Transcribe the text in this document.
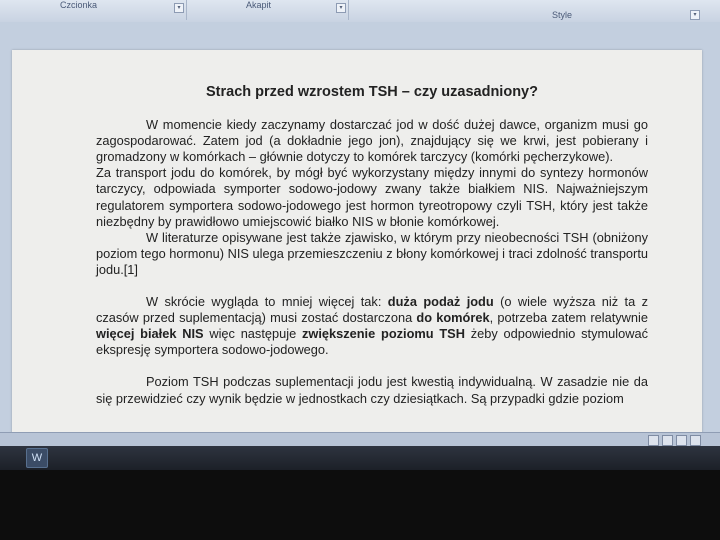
Czcionka	▾	Akapit	▾
Style	▾
Strach przed wzrostem TSH – czy uzasadniony?

W momencie kiedy zaczynamy dostarczać jod w dość dużej dawce, organizm musi go zagospodarować. Zatem jod (a dokładnie jego jon), znajdujący się we krwi, jest pobierany i gromadzony w komórkach – głównie dotyczy to komórek tarczycy (komórki pęcherzykowe).

Za transport jodu do komórek, by mógł być wykorzystany między innymi do syntezy hormonów tarczycy, odpowiada symporter sodowo-jodowy zwany także białkiem NIS. Najważniejszym regulatorem symportera sodowo-jodowego jest hormon tyreotropowy czyli TSH, który jest także niezbędny by prawidłowo umiejscowić białko NIS w błonie komórkowej.

W literaturze opisywane jest także zjawisko, w którym przy nieobecności TSH (obniżony poziom tego hormonu) NIS ulega przemieszczeniu z błony komórkowej i traci zdolność transportu jodu.[1]

W skrócie wygląda to mniej więcej tak: duża podaż jodu (o wiele wyższa niż ta z czasów przed suplementacją) musi zostać dostarczona do komórek, potrzeba zatem relatywnie więcej białek NIS więc następuje zwiększenie poziomu TSH żeby odpowiednio stymulować ekspresję symportera sodowo-jodowego.

Poziom TSH podczas suplementacji jodu jest kwestią indywidualną. W zasadzie nie da się przewidzieć czy wynik będzie w jednostkach czy dziesiątkach. Są przypadki gdzie poziom

W
